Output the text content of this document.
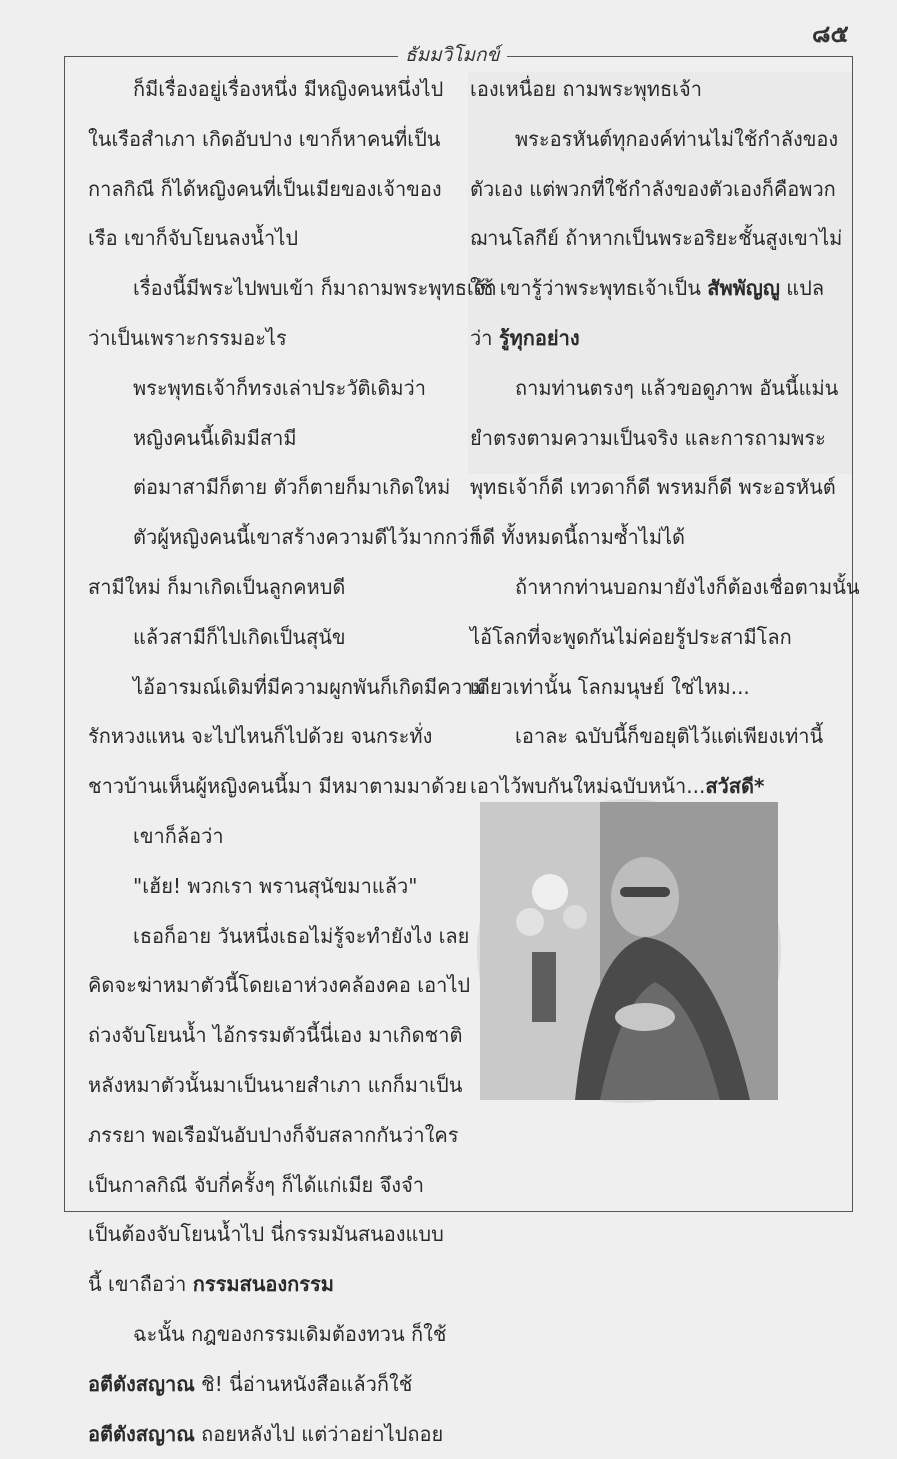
๘๕
ธัมมวิโมกข์
ก็มีเรื่องอยู่เรื่องหนึ่ง มีหญิงคนหนึ่งไป
ในเรือสำเภา เกิดอับปาง เขาก็หาคนที่เป็น
กาลกิณี ก็ได้หญิงคนที่เป็นเมียของเจ้าของ
เรือ เขาก็จับโยนลงน้ำไป
เรื่องนี้มีพระไปพบเข้า ก็มาถามพระพุทธเจ้า
ว่าเป็นเพราะกรรมอะไร
พระพุทธเจ้าก็ทรงเล่าประวัติเดิมว่า
หญิงคนนี้เดิมมีสามี
ต่อมาสามีก็ตาย ตัวก็ตายก็มาเกิดใหม่
ตัวผู้หญิงคนนี้เขาสร้างความดีไว้มากกว่า
สามีใหม่ ก็มาเกิดเป็นลูกคหบดี
แล้วสามีก็ไปเกิดเป็นสุนัข
ไอ้อารมณ์เดิมที่มีความผูกพันก็เกิดมีความ
รักหวงแหน จะไปไหนก็ไปด้วย จนกระทั่ง
ชาวบ้านเห็นผู้หญิงคนนี้มา มีหมาตามมาด้วย
เขาก็ล้อว่า
"เฮ้ย! พวกเรา พรานสุนัขมาแล้ว"
เธอก็อาย วันหนึ่งเธอไม่รู้จะทำยังไง เลย
คิดจะฆ่าหมาตัวนี้โดยเอาห่วงคล้องคอ เอาไป
ถ่วงจับโยนน้ำ ไอ้กรรมตัวนี้นี่เอง มาเกิดชาติ
หลังหมาตัวนั้นมาเป็นนายสำเภา แกก็มาเป็น
ภรรยา พอเรือมันอับปางก็จับสลากกันว่าใคร
เป็นกาลกิณี จับกี่ครั้งๆ ก็ได้แก่เมีย จึงจำ
เป็นต้องจับโยนน้ำไป นี่กรรมมันสนองแบบ
นี้ เขาถือว่า กรรมสนองกรรม
ฉะนั้น กฎของกรรมเดิมต้องทวน ก็ใช้
อตีตังสญาณ ชิ! นี่อ่านหนังสือแล้วก็ใช้
อตีตังสญาณ ถอยหลังไป แต่ว่าอย่าไปถอย
เองเหนื่อย ถามพระพุทธเจ้า
พระอรหันต์ทุกองค์ท่านไม่ใช้กำลังของ
ตัวเอง แต่พวกที่ใช้กำลังของตัวเองก็คือพวก
ฌานโลกีย์ ถ้าหากเป็นพระอริยะชั้นสูงเขาไม่
ใช้ เขารู้ว่าพระพุทธเจ้าเป็น สัพพัญญู แปล
ว่า รู้ทุกอย่าง
ถามท่านตรงๆ แล้วขอดูภาพ อันนี้แม่น
ยำตรงตามความเป็นจริง และการถามพระ
พุทธเจ้าก็ดี เทวดาก็ดี พรหมก็ดี พระอรหันต์
ก็ดี ทั้งหมดนี้ถามซ้ำไม่ได้
ถ้าหากท่านบอกมายังไงก็ต้องเชื่อตามนั้น
ไอ้โลกที่จะพูดกันไม่ค่อยรู้ประสามีโลก
เดียวเท่านั้น โลกมนุษย์ ใช่ไหม...
เอาละ ฉบับนี้ก็ขอยุติไว้แต่เพียงเท่านี้
เอาไว้พบกันใหม่ฉบับหน้า...สวัสดี*
